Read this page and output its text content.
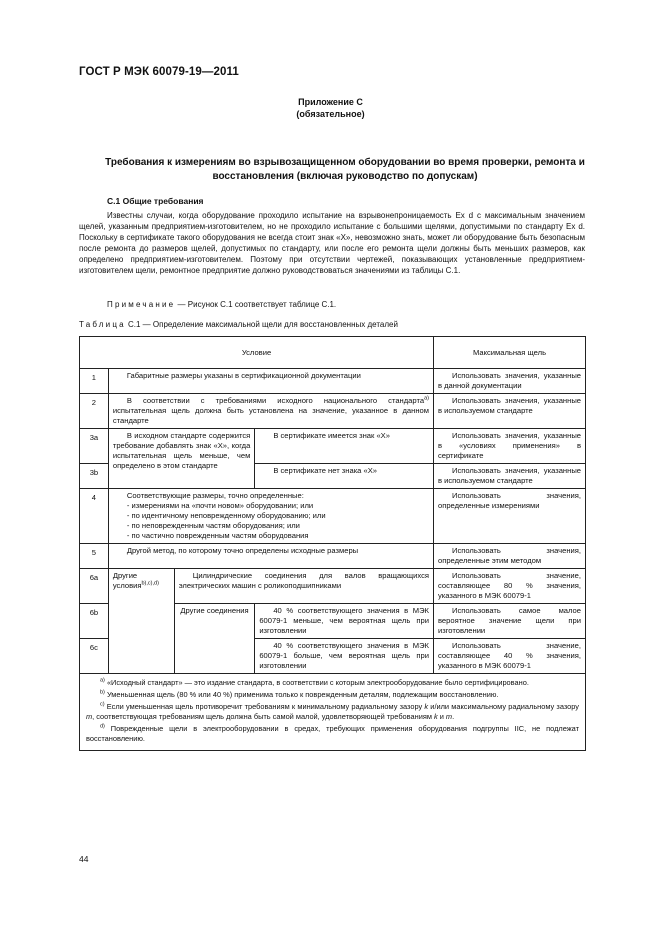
ГОСТ Р МЭК 60079-19—2011
Приложение С
(обязательное)
Требования к измерениям во взрывозащищенном оборудовании во время проверки, ремонта и восстановления (включая руководство по допускам)
С.1 Общие требования
Известны случаи, когда оборудование проходило испытание на взрывонепроницаемость Ex d с максимальным значением щелей, указанным предприятием-изготовителем, но не проходило испытание с большими щелями, допустимыми по стандарту Ex d. Поскольку в сертификате такого оборудования не всегда стоит знак «Х», невозможно знать, может ли оборудование быть безопасным после ремонта до размеров щелей, допустимых по стандарту, или после его ремонта щели должны быть меньших размеров, как определено предприятием-изготовителем. Поэтому при отсутствии чертежей, показывающих установленные предприятием-изготовителем щели, ремонтное предприятие должно руководствоваться значениями из таблицы С.1.
Примечание — Рисунок С.1 соответствует таблице С.1.
Таблица С.1 — Определение максимальной щели для восстановленных деталей
Условие				Максимальная щель
1	Габаритные размеры указаны в сертификационной документации			Использовать значения, указанные в данной документации
2	В соответствии с требованиями исходного национального стандарта$^{a)}$ испытательная щель должна быть установлена на значение, указанное в данном стандарте			Использовать значения, указанные в используемом стандарте
3a	В исходном стандарте содержится требование добавлять знак «Х», когда испытательная щель меньше, чем определено в этом стандарте		В сертификате имеется знак «Х»	Использовать значения, указанные в «условиях применения» в сертификате
3b			В сертификате нет знака «Х»	Использовать значения, указанные в используемом стандарте
4	Соответствующие размеры, точно определенные:
- измерениями на «почти новом» оборудовании; или
- по идентичному неповрежденному оборудованию; или
- по неповрежденным частям оборудования; или
- по частично поврежденным частям оборудования			Использовать значения, определенные измерениями
5	Другой метод, по которому точно определены исходные размеры			Использовать значения, определенные этим методом
6a	Другие условия$^{b),c),d)}$	Цилиндрические соединения для валов вращающихся электрических машин с роликоподшипниками		Использовать значение, составляющее 80 % значения, указанного в МЭК 60079-1
6b		Другие соединения	40 % соответствующего значения в МЭК 60079-1 меньше, чем вероятная щель при изготовлении	Использовать самое малое вероятное значение щели при изготовлении
6c			40 % соответствующего значения в МЭК 60079-1 больше, чем вероятная щель при изготовлении	Использовать значение, составляющее 40 % значения, указанного в МЭК 60079-1

$^{a)}$ «Исходный стандарт» — это издание стандарта, в соответствии с которым электрооборудование было сертифицировано.

$^{b)}$ Уменьшенная щель (80 % или 40 %) применима только к поврежденным деталям, подлежащим восстановлению.

$^{c)}$ Если уменьшенная щель противоречит требованиям к минимальному радиальному зазору k и/или максимальному радиальному зазору m, соответствующая требованиям щель должна быть самой малой, удовлетворяющей требованиям k и m.

$^{d)}$ Поврежденные щели в электрооборудовании в средах, требующих применения оборудования подгруппы IIС, не подлежат восстановлению.				

44
